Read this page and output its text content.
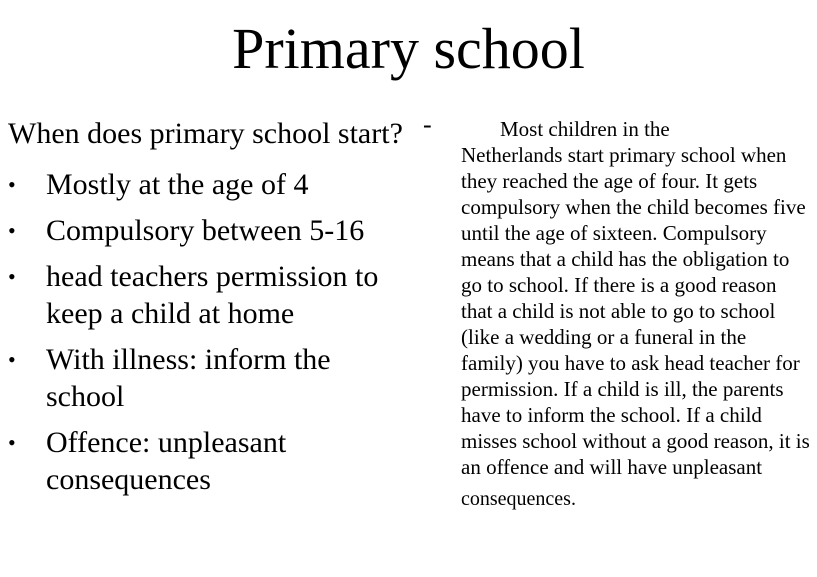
Primary school

When does primary school start?

• Mostly at the age of 4
• Compulsory between 5-16
• head teachers permission to keep a child at home
• With illness: inform the school
• Offence: unpleasant consequences
-	Most children in the
Netherlands start primary school when they reached the age of four. It gets compulsory when the child becomes five until the age of sixteen. Compulsory means that a child has the obligation to go to school. If there is a good reason that a child is not able to go to school (like a wedding or a funeral in the family) you have to ask head teacher for permission. If a child is ill, the parents have to inform the school. If a child misses school without a good reason, it is an offence and will have unpleasant
consequences.
